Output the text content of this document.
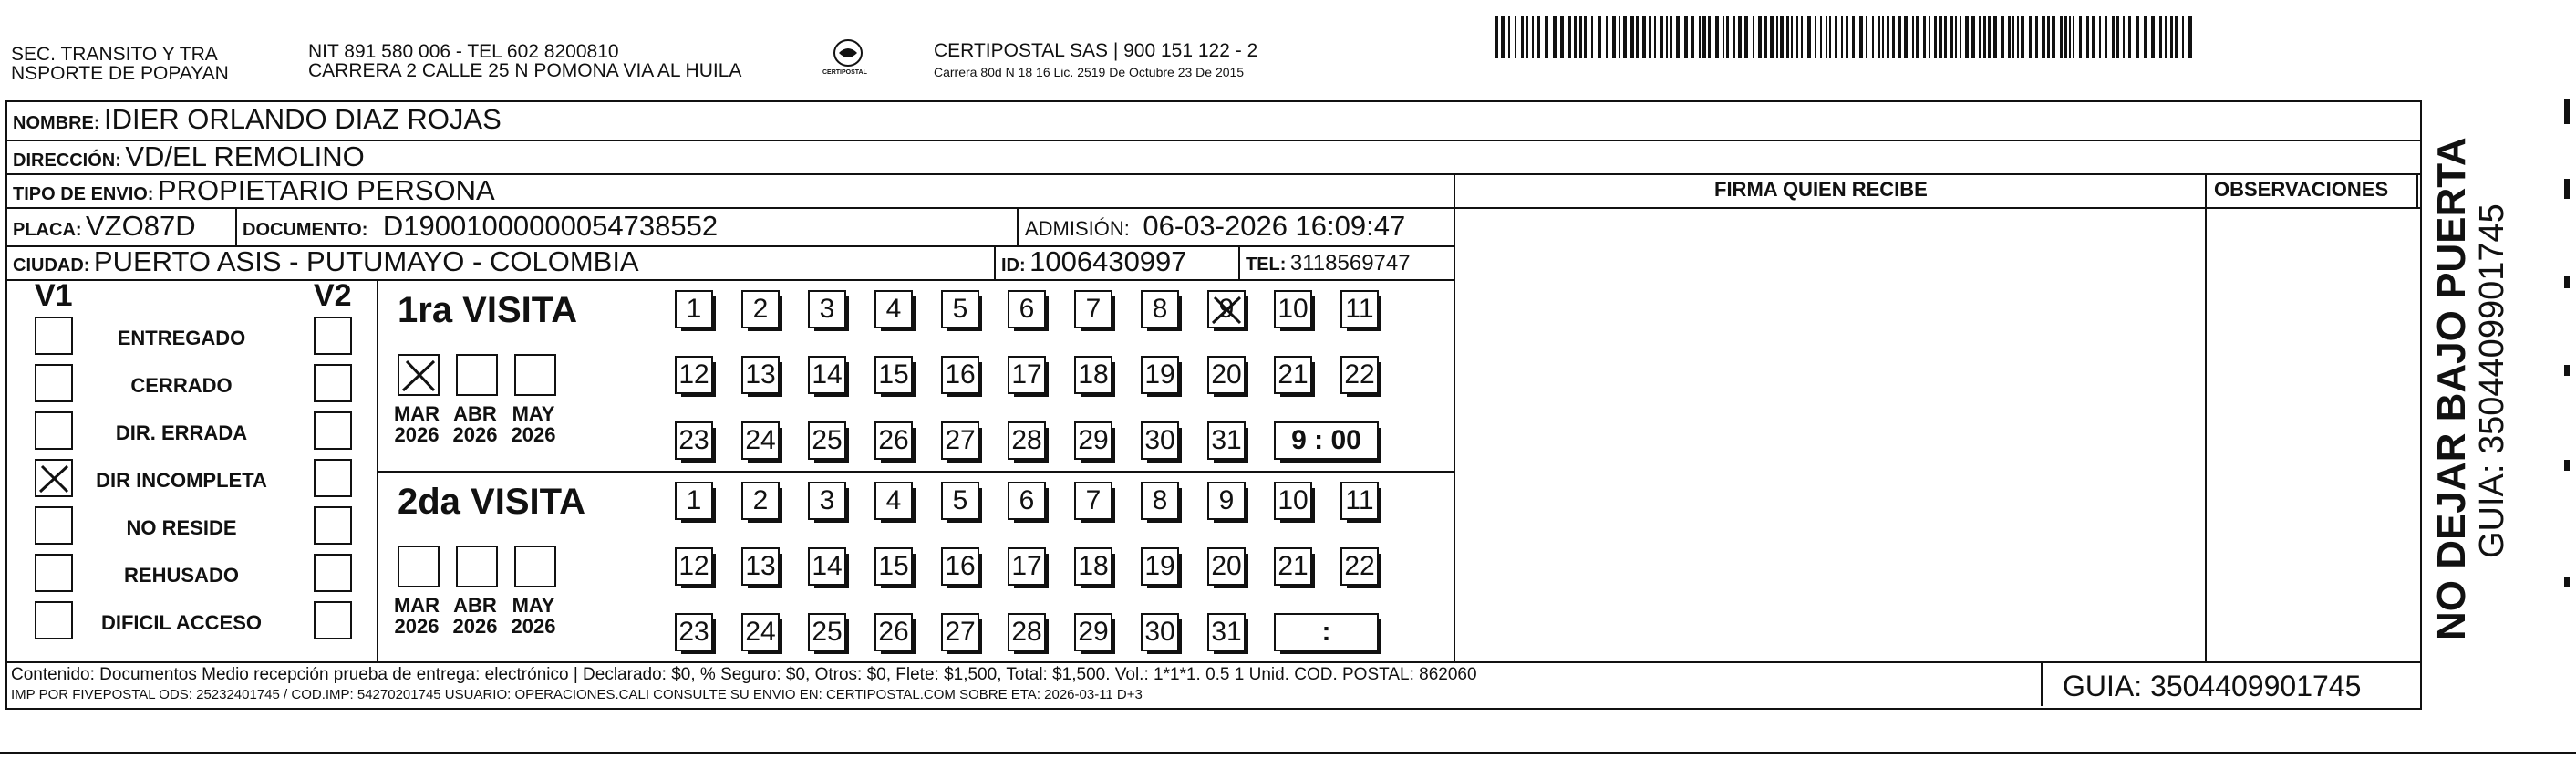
SEC. TRANSITO Y TRA
NSPORTE DE POPAYAN
NIT 891 580 006 - TEL 602 8200810
CARRERA 2 CALLE 25 N POMONA VIA AL HUILA	CERTIPOSTAL
CERTIPOSTAL SAS | 900 151 122 - 2
Carrera 80d N 18 16 Lic. 2519 De Octubre 23 De 2015
NOMBRE: IDIER ORLANDO DIAZ ROJAS
DIRECCIÓN: VD/EL REMOLINO
TIPO DE ENVIO: PROPIETARIO PERSONA
PLACA: VZO87D	DOCUMENTO: D19001000000054738552	ADMISIÓN: 06-03-2026 16:09:47
CIUDAD: PUERTO ASIS - PUTUMAYO - COLOMBIA	ID: 1006430997	TEL: 3118569747
FIRMA QUIEN RECIBE	OBSERVACIONES
V1	V2
ENTREGADO
CERRADO
DIR. ERRADA
DIR INCOMPLETA
NO RESIDE
REHUSADO
DIFICIL ACCESO
1ra VISITA
MAR
2026
ABR
2026
MAY
2026
1	2	3	4	5	6	7	8	9	10 11
12 13 14 15 16 17 18 19 20 21 22
23 24 25 26 27 28 29 30 31	9 : 00
2da VISITA
MAR
2026
ABR
2026
MAY
2026
1	2	3	4	5	6	7	8	9	10 11
12 13 14 15 16 17 18 19 20 21 22
23 24 25 26 27 28 29 30 31	:
Contenido: Documentos Medio recepción prueba de entrega: electrónico | Declarado: $0, % Seguro: $0, Otros: $0, Flete: $1,500, Total: $1,500. Vol.: 1*1*1. 0.5 1 Unid. COD. POSTAL: 862060
IMP POR FIVEPOSTAL ODS: 25232401745 / COD.IMP: 54270201745 USUARIO: OPERACIONES.CALI CONSULTE SU ENVIO EN: CERTIPOSTAL.COM SOBRE ETA: 2026-03-11 D+3	GUIA: 3504409901745
NO DEJAR BAJO PUERTA GUIA: 3504409901745
